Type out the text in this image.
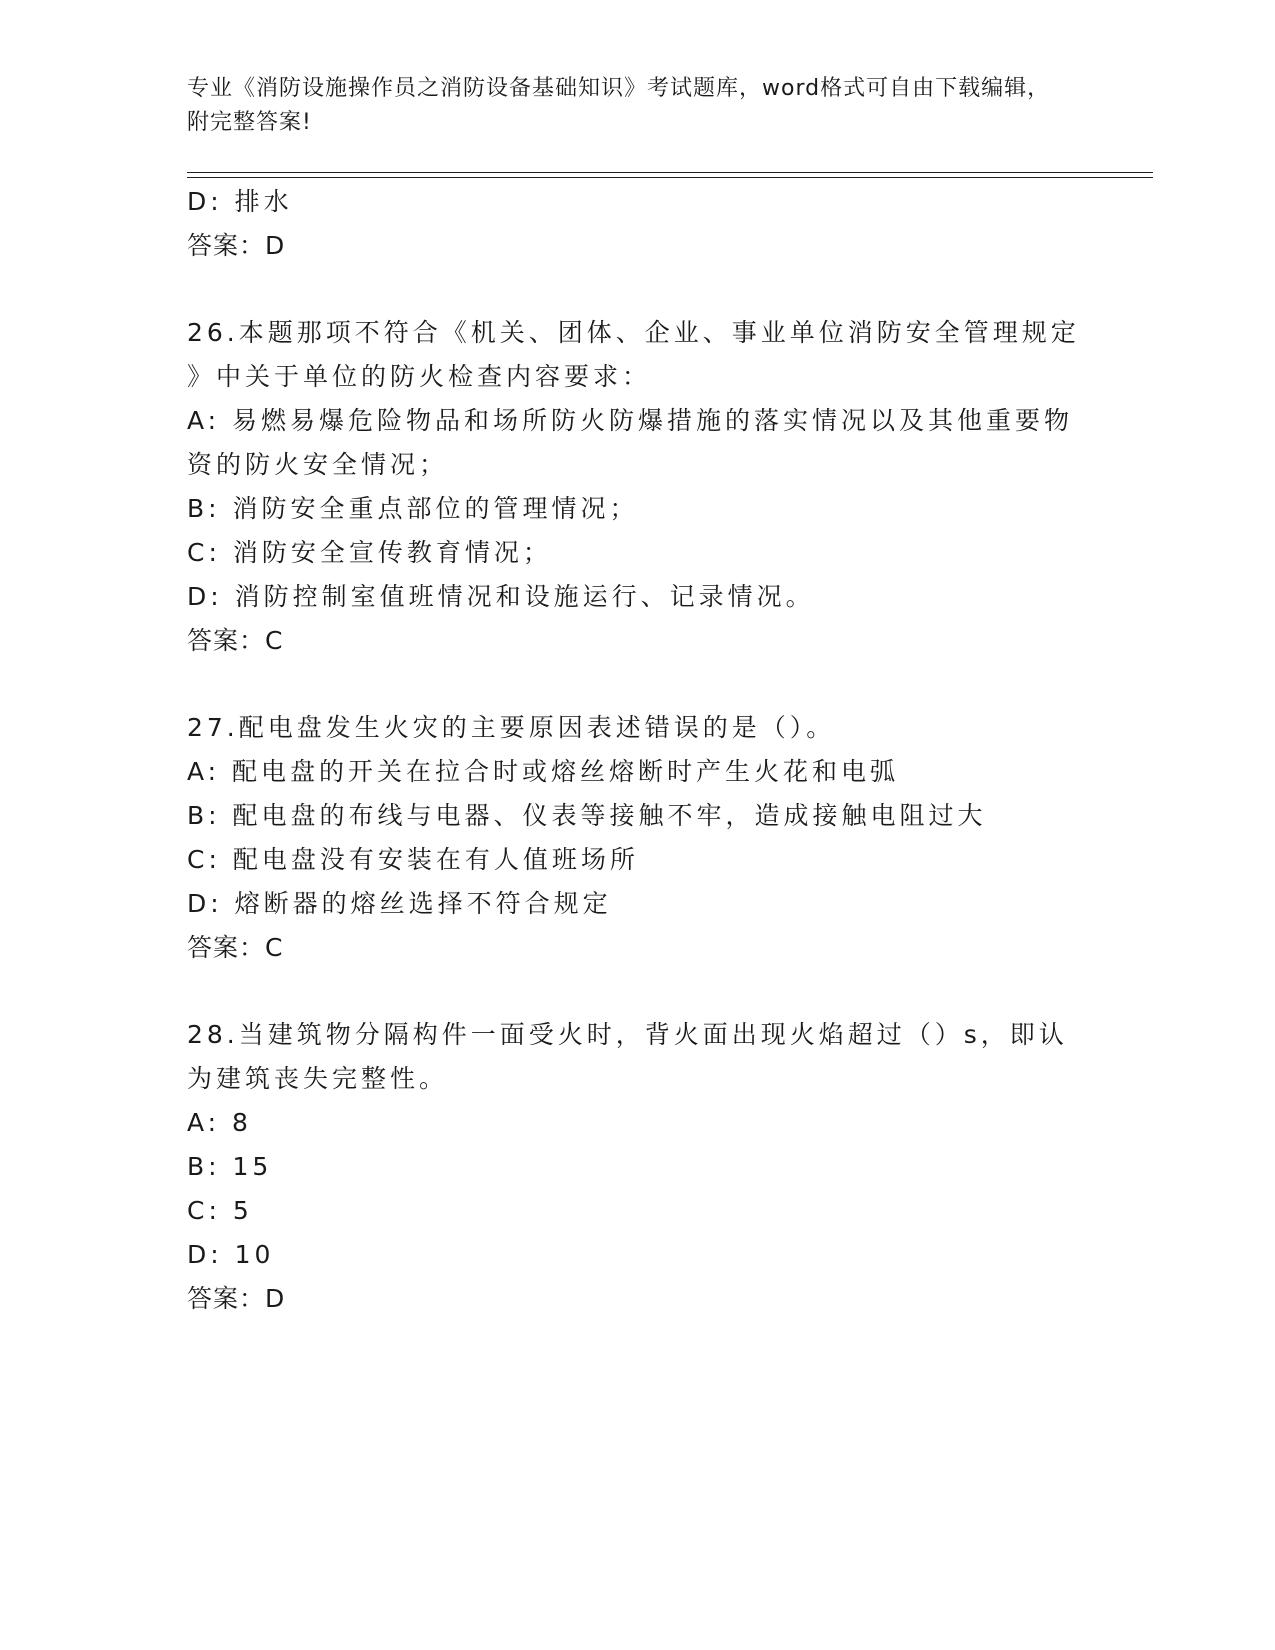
专业《消防设施操作员之消防设备基础知识》考试题库，word格式可自由下载编辑，附完整答案!
D: 排水
答案：D
26.本题那项不符合《机关、团体、企业、事业单位消防安全管理规定
》中关于单位的防火检查内容要求：
A: 易燃易爆危险物品和场所防火防爆措施的落实情况以及其他重要物
资的防火安全情况；
B: 消防安全重点部位的管理情况；
C: 消防安全宣传教育情况；
D: 消防控制室值班情况和设施运行、记录情况。
答案：C
27.配电盘发生火灾的主要原因表述错误的是（）。
A: 配电盘的开关在拉合时或熔丝熔断时产生火花和电弧
B: 配电盘的布线与电器、仪表等接触不牢，造成接触电阻过大
C: 配电盘没有安装在有人值班场所
D: 熔断器的熔丝选择不符合规定
答案：C
28.当建筑物分隔构件一面受火时，背火面出现火焰超过（）s，即认
为建筑丧失完整性。
A: 8
B: 15
C: 5
D: 10
答案：D
